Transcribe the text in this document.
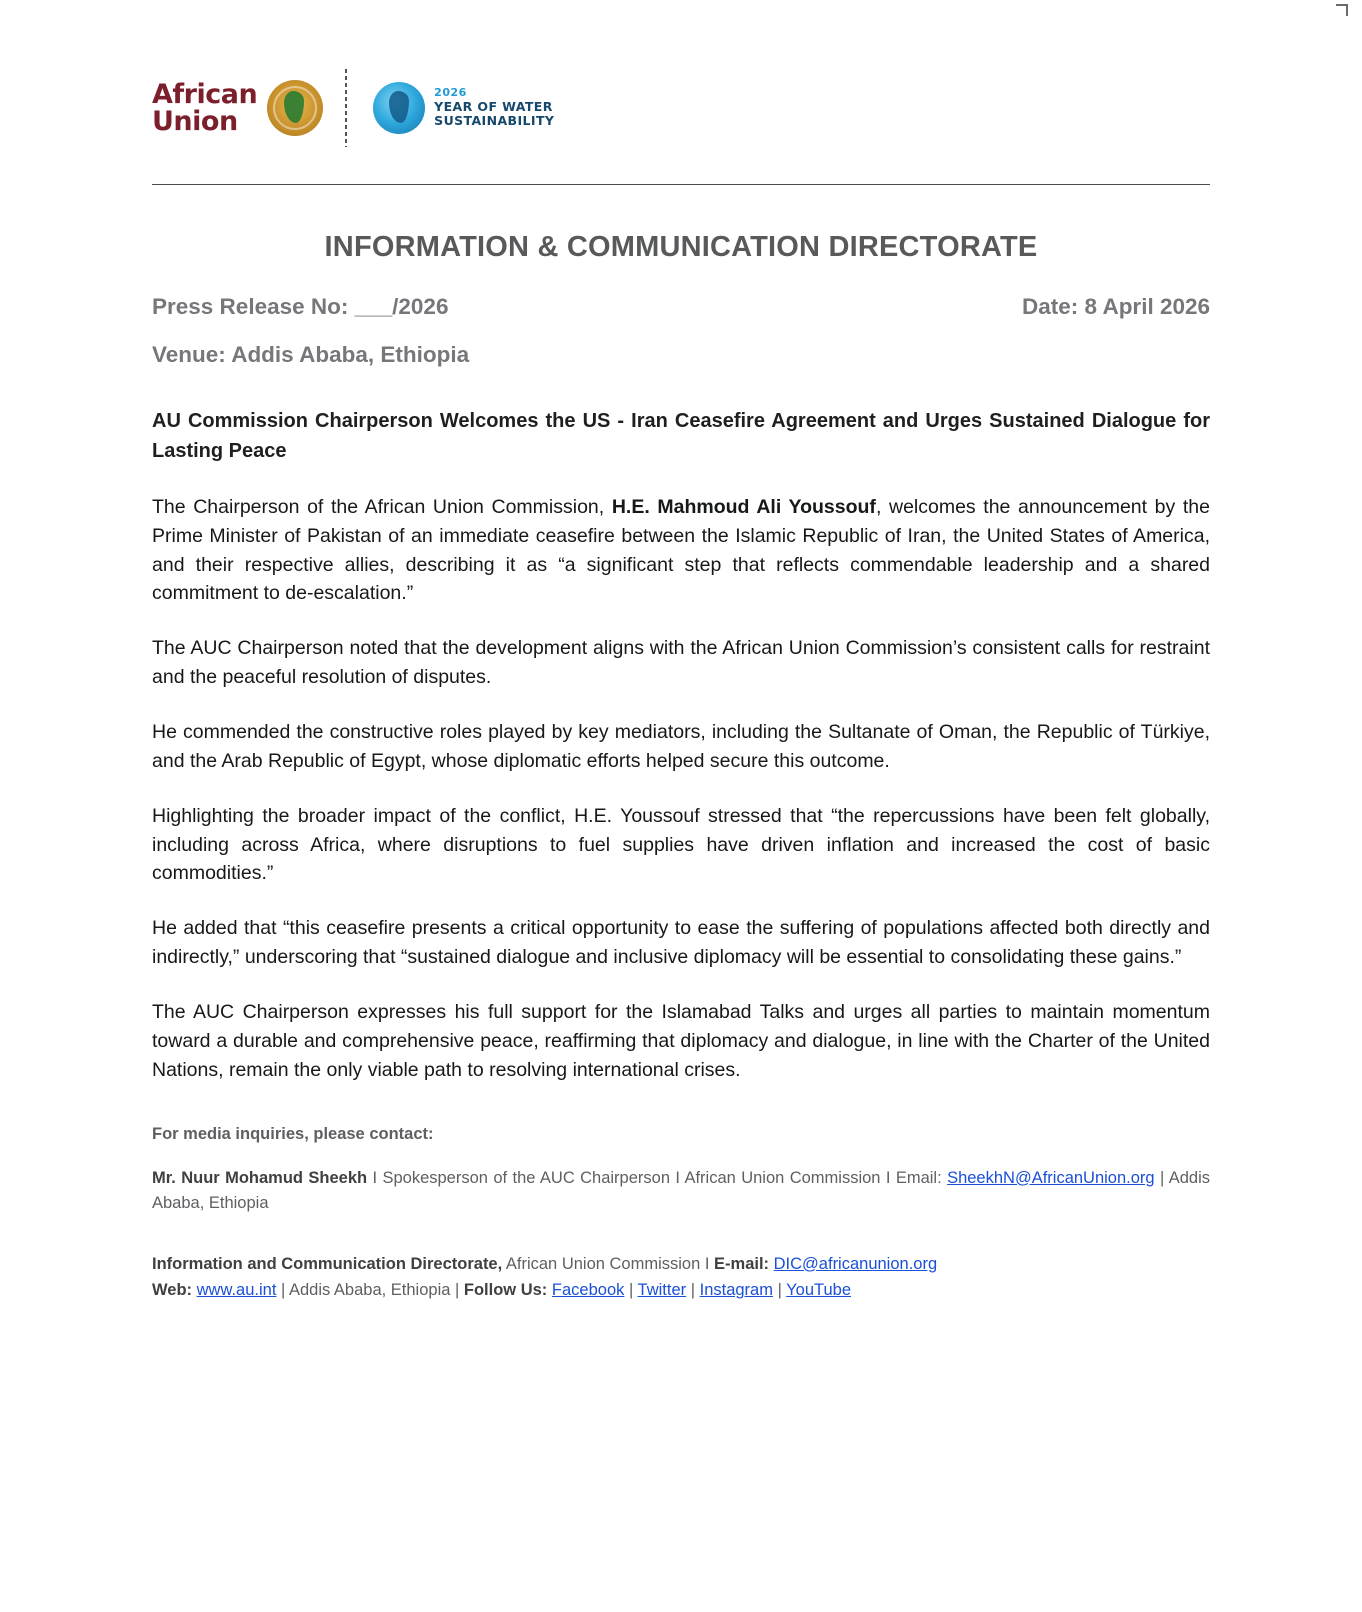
African
Union
2026
YEAR OF WATER
SUSTAINABILITY
INFORMATION & COMMUNICATION DIRECTORATE
Press Release No: ___/2026	Date: 8 April 2026
Venue: Addis Ababa, Ethiopia
AU Commission Chairperson Welcomes the US - Iran Ceasefire Agreement and Urges Sustained Dialogue for Lasting Peace

The Chairperson of the African Union Commission, H.E. Mahmoud Ali Youssouf, welcomes the announcement by the Prime Minister of Pakistan of an immediate ceasefire between the Islamic Republic of Iran, the United States of America, and their respective allies, describing it as “a significant step that reflects commendable leadership and a shared commitment to de-escalation.”

The AUC Chairperson noted that the development aligns with the African Union Commission’s consistent calls for restraint and the peaceful resolution of disputes.

He commended the constructive roles played by key mediators, including the Sultanate of Oman, the Republic of Türkiye, and the Arab Republic of Egypt, whose diplomatic efforts helped secure this outcome.

Highlighting the broader impact of the conflict, H.E. Youssouf stressed that “the repercussions have been felt globally, including across Africa, where disruptions to fuel supplies have driven inflation and increased the cost of basic commodities.”

He added that “this ceasefire presents a critical opportunity to ease the suffering of populations affected both directly and indirectly,” underscoring that “sustained dialogue and inclusive diplomacy will be essential to consolidating these gains.”

The AUC Chairperson expresses his full support for the Islamabad Talks and urges all parties to maintain momentum toward a durable and comprehensive peace, reaffirming that diplomacy and dialogue, in line with the Charter of the United Nations, remain the only viable path to resolving international crises.

For media inquiries, please contact:

Mr. Nuur Mohamud Sheekh I Spokesperson of the AUC Chairperson I African Union Commission I Email: SheekhN@AfricanUnion.org | Addis Ababa, Ethiopia

Information and Communication Directorate, African Union Commission I E-mail: DIC@africanunion.org
Web: www.au.int | Addis Ababa, Ethiopia | Follow Us: Facebook | Twitter | Instagram | YouTube
